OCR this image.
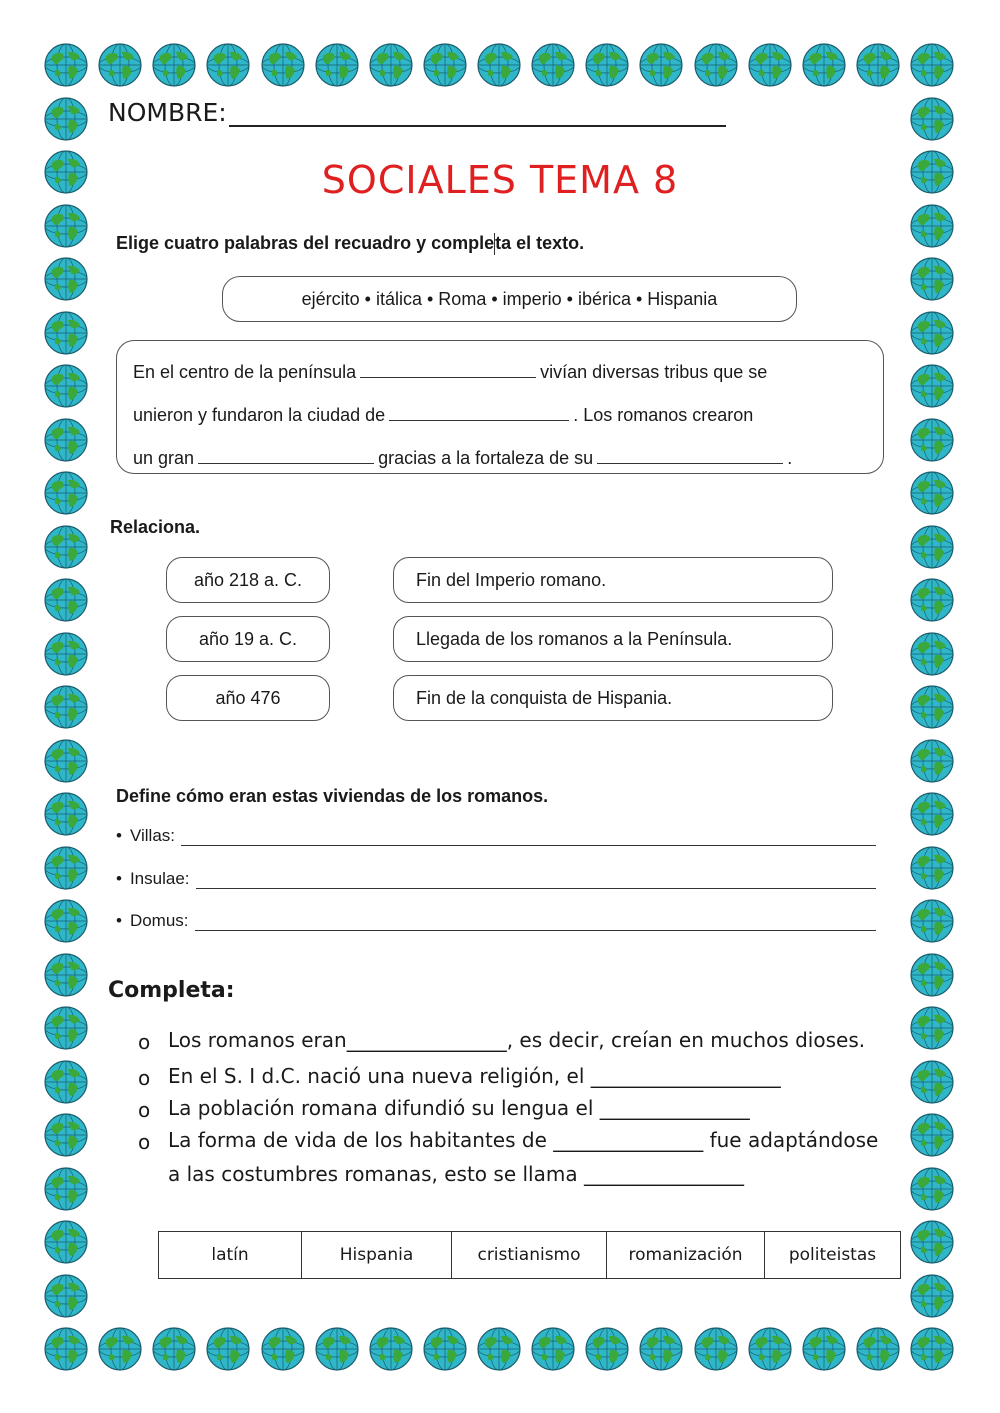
NOMBRE:
SOCIALES TEMA 8
Elige cuatro palabras del recuadro y completa el texto.
ejército • itálica • Roma • imperio • ibérica • Hispania
En el centro de la península	vivían diversas tribus que se
unieron y fundaron la ciudad de	. Los romanos crearon
un gran	gracias a la fortaleza de su	.
Relaciona.
año 218 a. C.
año 19 a. C.
año 476
Fin del Imperio romano.
Llegada de los romanos a la Península.
Fin de la conquista de Hispania.
Define cómo eran estas viviendas de los romanos.
• Villas:
• Insulae:
• Domus:
Completa:
o Los romanos eran________________, es decir, creían en muchos dioses.
o En el S. I d.C. nació una nueva religión, el ___________________
o La población romana difundió su lengua el _______________
o La forma de vida de los habitantes de _______________ fue adaptándose
a las costumbres romanas, esto se llama ________________
latín	Hispania	cristianismo	romanización	politeistas
